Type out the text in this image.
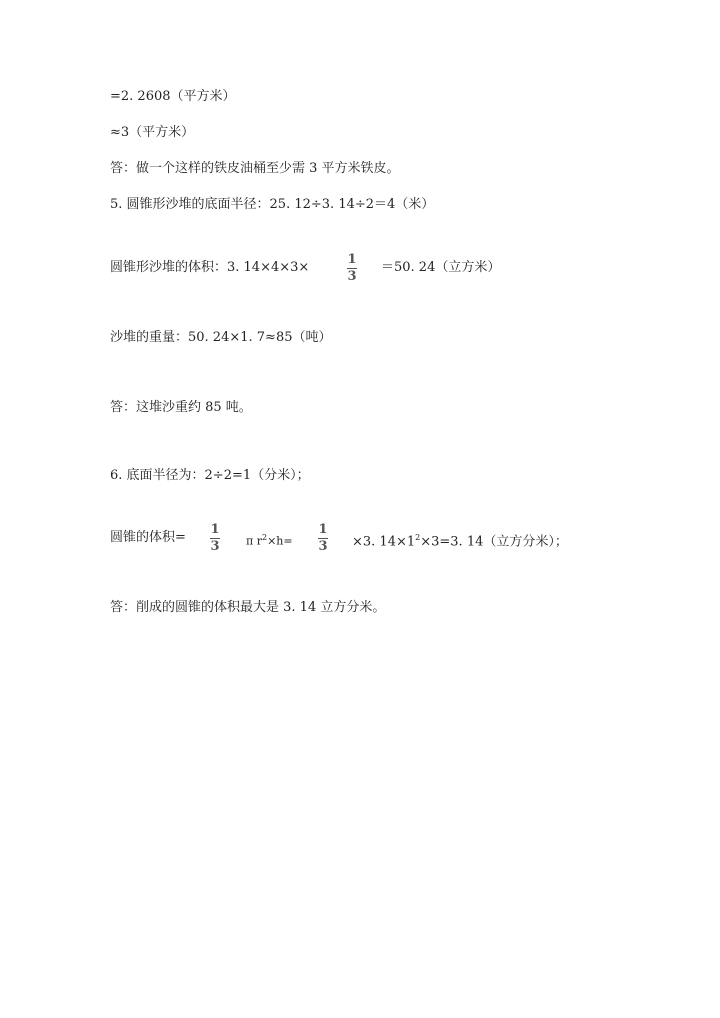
=2. 2608（平方米）
≈3（平方米）
答：做一个这样的铁皮油桶至少需 3 平方米铁皮。
5. 圆锥形沙堆的底面半径：25. 12÷3. 14÷2＝4（米）
圆锥形沙堆的体积：3. 14×4×3×
1
3
＝50. 24（立方米）
沙堆的重量：50. 24×1. 7≈85（吨）
答：这堆沙重约 85 吨。
6. 底面半径为：2÷2=1（分米）；
圆锥的体积=
1
3 π $r^2\times h=$
1
3 ×3. $14\times 1^2\times 3=3$. 14（立方分米）；
答：削成的圆锥的体积最大是 3. 14 立方分米。
